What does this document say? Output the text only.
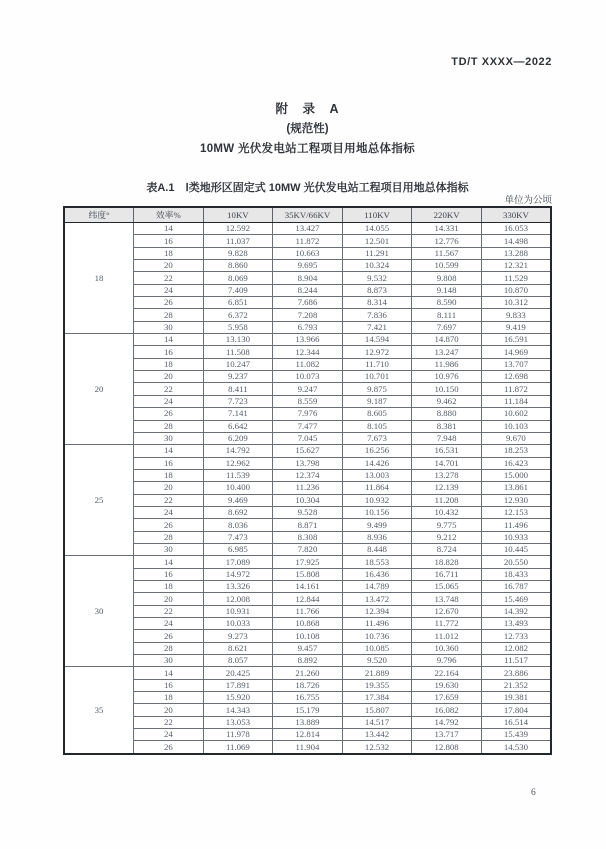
TD/T XXXX—2022
附　录　A
(规范性)
10MW 光伏发电站工程项目用地总体指标
表A.1　Ⅰ类地形区固定式 10MW 光伏发电站工程项目用地总体指标
单位为公顷
纬度°	效率%	10KV	35KV/66KV	110KV	220KV	330KV
18	14	12.592	13.427	14.055	14.331	16.053
	16	11.037	11.872	12.501	12.776	14.498
	18	9.828	10.663	11.291	11.567	13.288
	20	8.860	9.695	10.324	10.599	12.321
	22	8.069	8.904	9.532	9.808	11.529
	24	7.409	8.244	8.873	9.148	10.870
	26	6.851	7.686	8.314	8.590	10.312
	28	6.372	7.208	7.836	8.111	9.833
	30	5.958	6.793	7.421	7.697	9.419
20	14	13.130	13.966	14.594	14.870	16.591
	16	11.508	12.344	12.972	13.247	14.969
	18	10.247	11.082	11.710	11.986	13.707
	20	9.237	10.073	10.701	10.976	12.698
	22	8.411	9.247	9.875	10.150	11.872
	24	7.723	8.559	9.187	9.462	11.184
	26	7.141	7.976	8.605	8.880	10.602
	28	6.642	7.477	8.105	8.381	10.103
	30	6.209	7.045	7.673	7.948	9.670
25	14	14.792	15.627	16.256	16.531	18.253
	16	12.962	13.798	14.426	14.701	16.423
	18	11.539	12.374	13.003	13.278	15.000
	20	10.400	11.236	11.864	12.139	13.861
	22	9.469	10.304	10.932	11.208	12.930
	24	8.692	9.528	10.156	10.432	12.153
	26	8.036	8.871	9.499	9.775	11.496
	28	7.473	8.308	8.936	9.212	10.933
	30	6.985	7.820	8.448	8.724	10.445
30	14	17.089	17.925	18.553	18.828	20.550
	16	14.972	15.808	16.436	16.711	18.433
	18	13.326	14.161	14.789	15.065	16.787
	20	12.008	12.844	13.472	13.748	15.469
	22	10.931	11.766	12.394	12.670	14.392
	24	10.033	10.868	11.496	11.772	13.493
	26	9.273	10.108	10.736	11.012	12.733
	28	8.621	9.457	10.085	10.360	12.082
	30	8.057	8.892	9.520	9.796	11.517
35	14	20.425	21.260	21.889	22.164	23.886
	16	17.891	18.726	19.355	19.630	21.352
	18	15.920	16.755	17.384	17.659	19.381
	20	14.343	15.179	15.807	16.082	17.804
	22	13.053	13.889	14.517	14.792	16.514
	24	11.978	12.814	13.442	13.717	15.439
	26	11.069	11.904	12.532	12.808	14.530
6
